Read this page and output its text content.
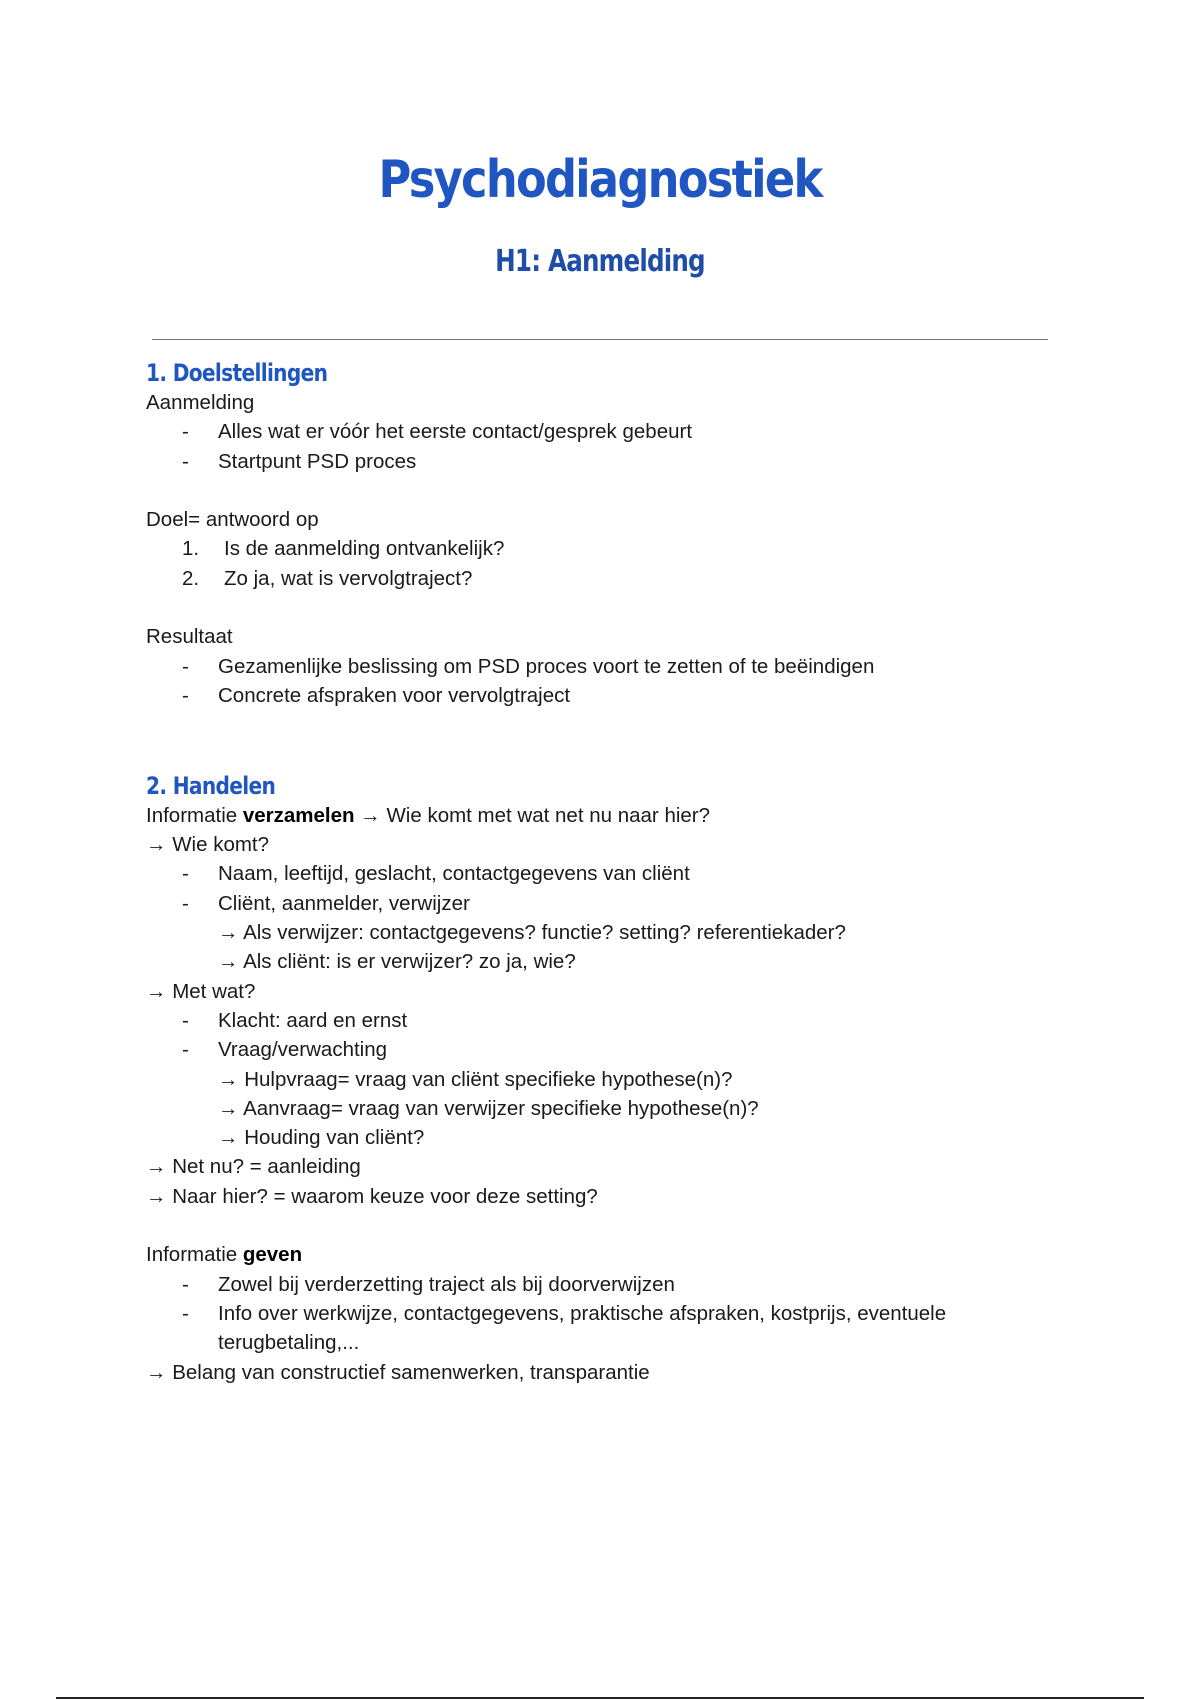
Psychodiagnostiek
H1: Aanmelding
1. Doelstellingen
Aanmelding
- Alles wat er vóór het eerste contact/gesprek gebeurt
- Startpunt PSD proces
Doel= antwoord op
1. Is de aanmelding ontvankelijk?
2. Zo ja, wat is vervolgtraject?
Resultaat
- Gezamenlijke beslissing om PSD proces voort te zetten of te beëindigen
- Concrete afspraken voor vervolgtraject
2. Handelen
Informatie verzamelen → Wie komt met wat net nu naar hier?
→ Wie komt?
- Naam, leeftijd, geslacht, contactgegevens van cliënt
- Cliënt, aanmelder, verwijzer
→ Als verwijzer: contactgegevens? functie? setting? referentiekader?
→ Als cliënt: is er verwijzer? zo ja, wie?
→ Met wat?
- Klacht: aard en ernst
- Vraag/verwachting
→ Hulpvraag= vraag van cliënt specifieke hypothese(n)?
→ Aanvraag= vraag van verwijzer specifieke hypothese(n)?
→ Houding van cliënt?
→ Net nu? = aanleiding
→ Naar hier? = waarom keuze voor deze setting?
Informatie geven
- Zowel bij verderzetting traject als bij doorverwijzen
- Info over werkwijze, contactgegevens, praktische afspraken, kostprijs, eventuele terugbetaling,...
→ Belang van constructief samenwerken, transparantie
